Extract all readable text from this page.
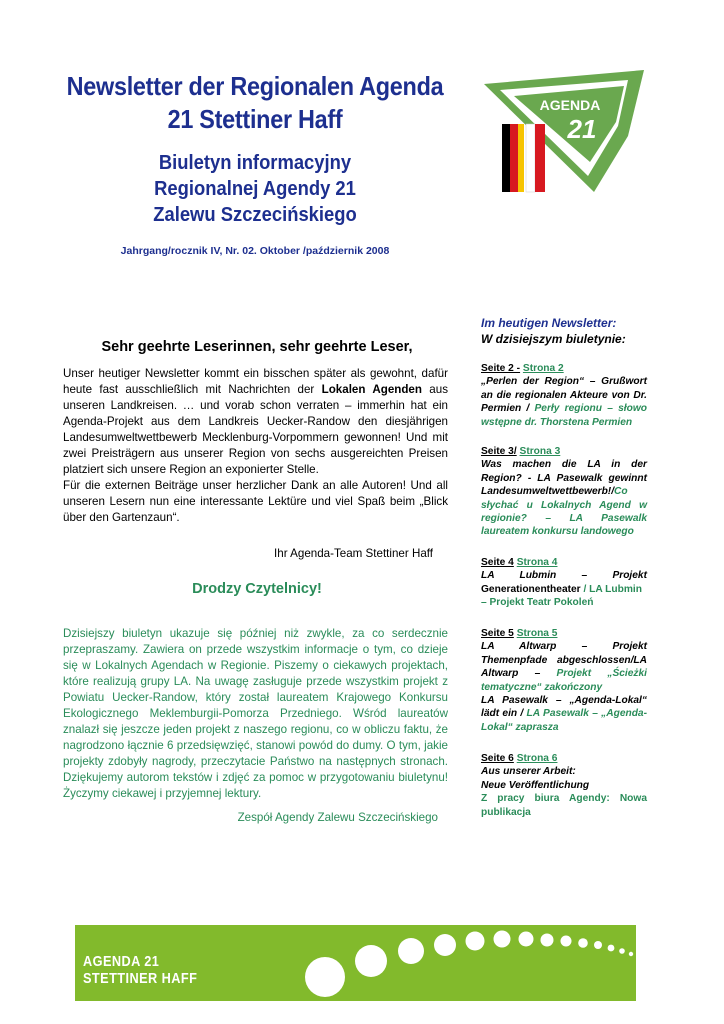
Newsletter der Regionalen Agenda 21 Stettiner Haff
Biuletyn informacyjny
Regionalnej Agendy 21
Zalewu Szczecińskiego
Jahrgang/rocznik IV, Nr. 02. Oktober /październik 2008
AGENDA
21
Sehr geehrte Leserinnen, sehr geehrte Leser,
Unser heutiger Newsletter kommt ein bisschen später als gewohnt, dafür heute fast ausschließlich mit Nachrichten der Lokalen Agenden aus unseren Landkreisen. … und vorab schon verraten – immerhin hat ein Agenda-Projekt aus dem Landkreis Uecker-Randow den diesjährigen Landesumweltwettbewerb Mecklenburg-Vorpommern gewonnen! Und mit zwei Preisträgern aus unserer Region von sechs ausgereichten Preisen platziert sich unsere Region an exponierter Stelle.
Für die externen Beiträge unser herzlicher Dank an alle Autoren! Und all unseren Lesern nun eine interessante Lektüre und viel Spaß beim „Blick über den Gartenzaun“.
Ihr Agenda-Team Stettiner Haff
Drodzy Czytelnicy!
Dzisiejszy biuletyn ukazuje się później niż zwykle, za co serdecznie przepraszamy. Zawiera on przede wszystkim informacje o tym, co dzieje się w Lokalnych Agendach w Regionie. Piszemy o ciekawych projektach, które realizują grupy LA. Na uwagę zasługuje przede wszystkim projekt z Powiatu Uecker-Randow, który został laureatem Krajowego Konkursu Ekologicznego Meklemburgii-Pomorza Przedniego. Wśród laureatów znalazł się jeszcze jeden projekt z naszego regionu, co w obliczu faktu, że nagrodzono łącznie 6 przedsięwzięć, stanowi powód do dumy. O tym, jakie projekty zdobyły nagrody, przeczytacie Państwo na następnych stronach. Dziękujemy autorom tekstów i zdjęć za pomoc w przygotowaniu biuletynu! Życzymy ciekawej i przyjemnej lektury.
Zespół Agendy Zalewu Szczecińskiego
Im heutigen Newsletter:
W dzisiejszym biuletynie:
Seite 2 - Strona 2
„Perlen der Region“ – Grußwort an die regionalen Akteure von Dr. Permien / Perły regionu – słowo wstępne dr. Thorstena Permien
Seite 3/ Strona 3
Was machen die LA in der Region? - LA Pasewalk gewinnt Landesumweltwettbewerb!/Co słychać u Lokalnych Agend w regionie? – LA Pasewalk laureatem konkursu landowego
Seite 4 Strona 4

LA Lubmin – Projekt
Generationentheater / LA Lubmin – Projekt Teatr Pokoleń
Seite 5 Strona 5
LA Altwarp – Projekt Themenpfade abgeschlossen/LA Altwarp – Projekt „Ścieżki tematyczne“ zakończony
LA Pasewalk – „Agenda-Lokal“ lädt ein / LA Pasewalk – „Agenda-Lokal“ zaprasza
Seite 6 Strona 6
Aus unserer Arbeit:
Neue Veröffentlichung
Z pracy biura Agendy: Nowa publikacja
AGENDA 21
STETTINER HAFF
